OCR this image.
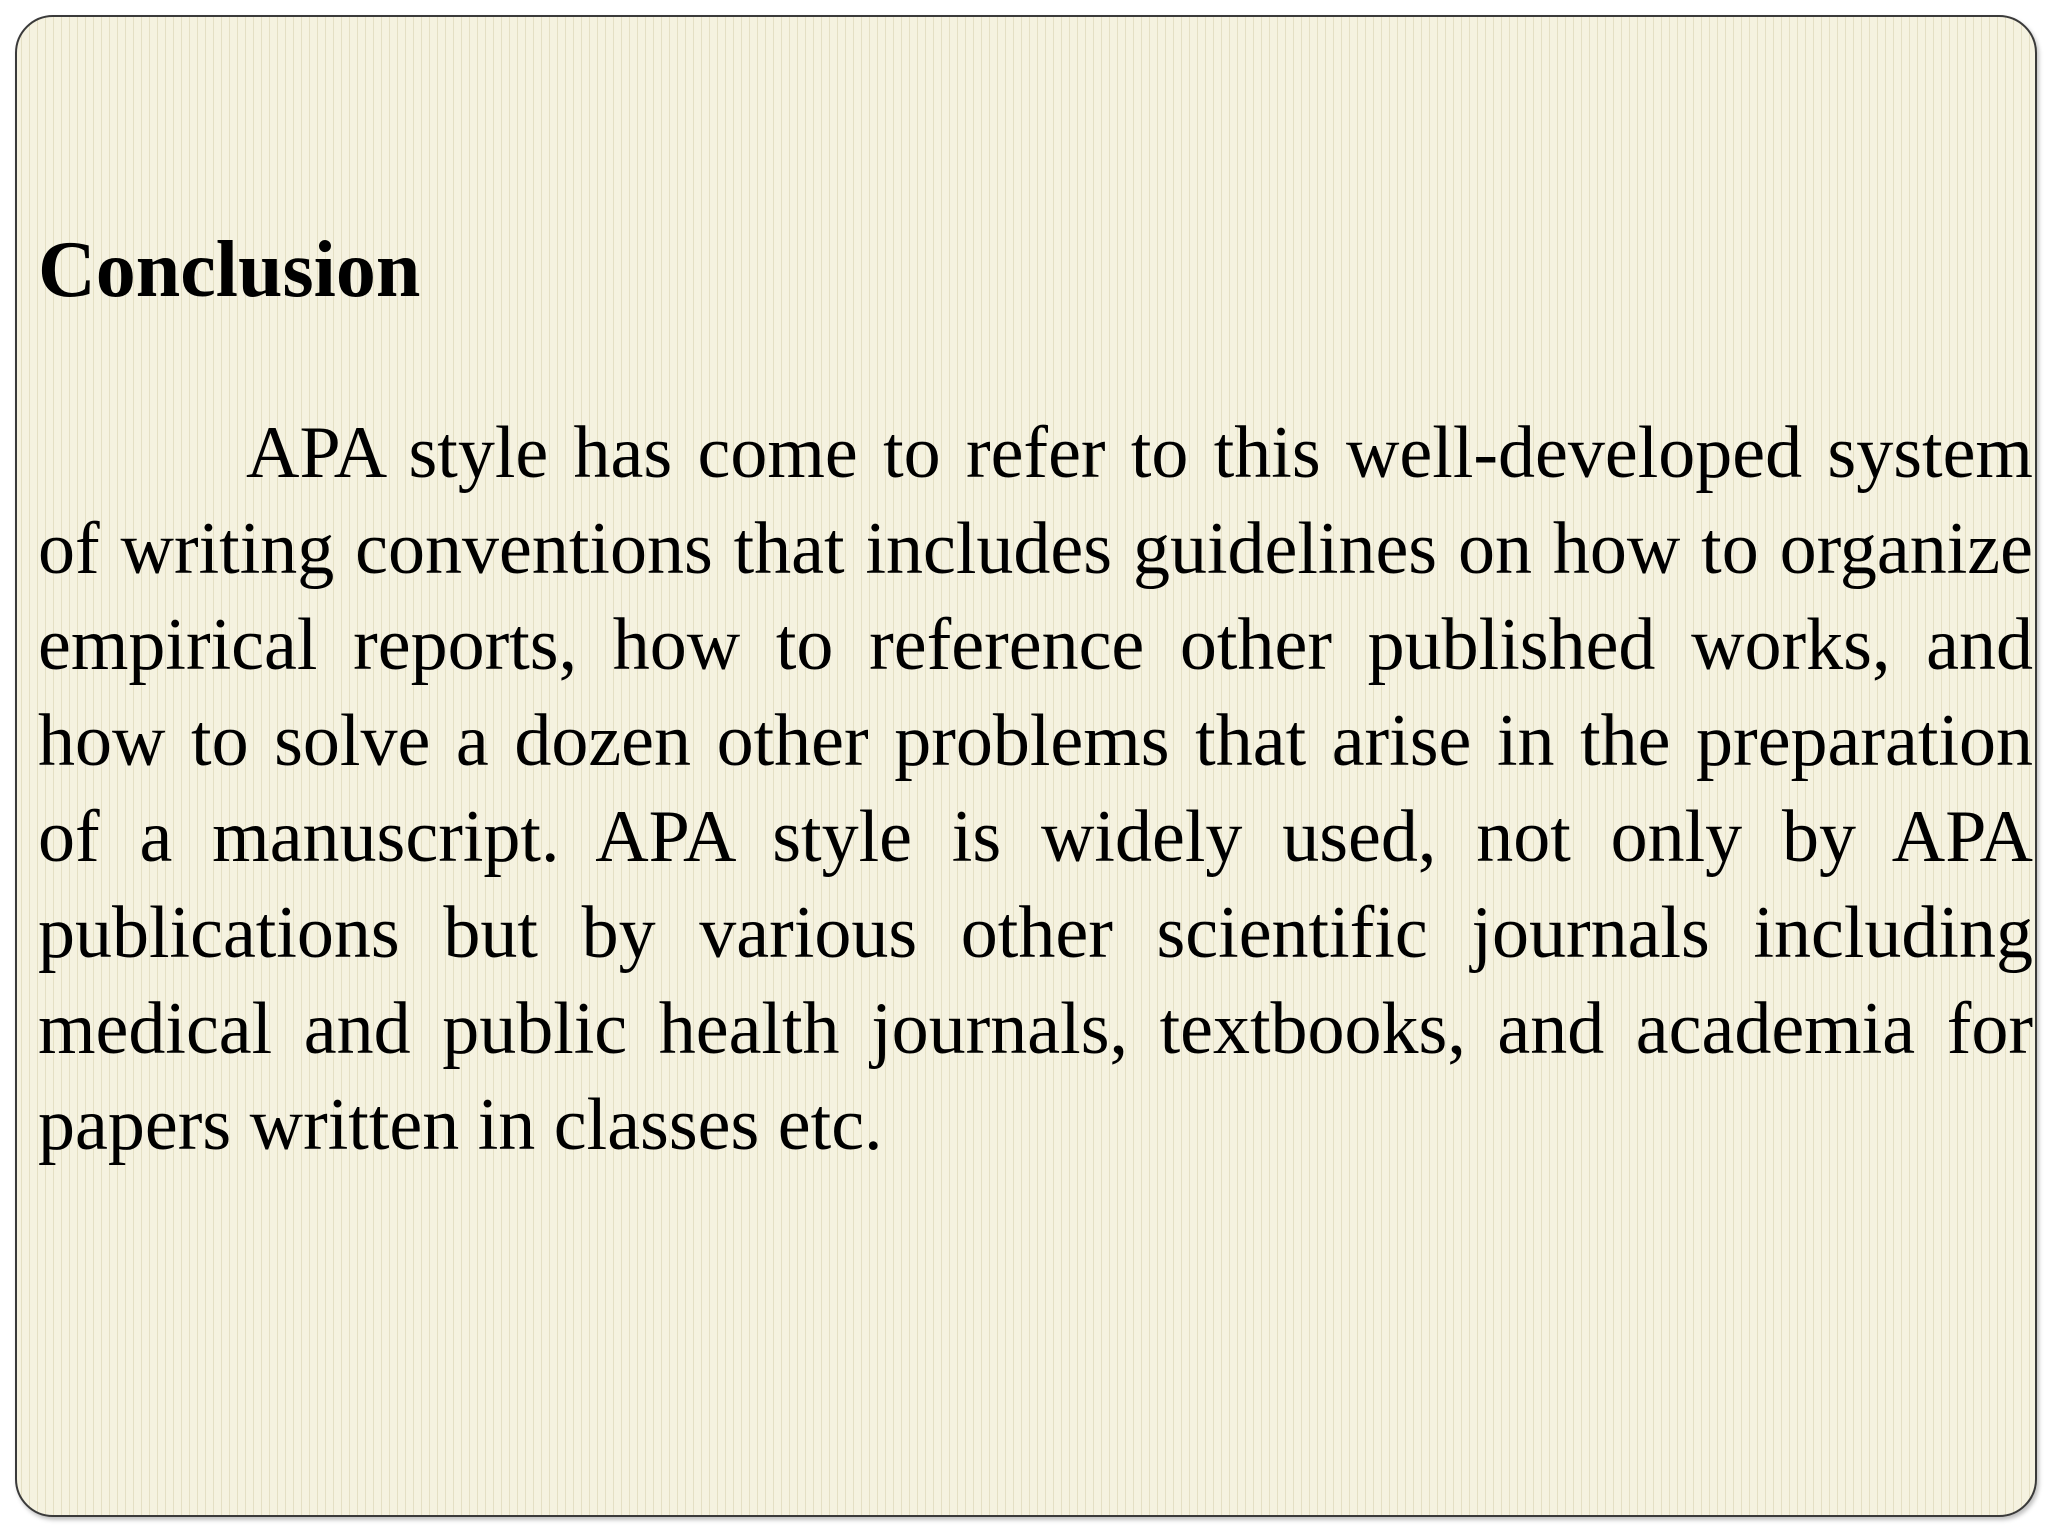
Conclusion

APA style has come to refer to this well-developed system of writing conventions that includes guidelines on how to organize empirical reports, how to reference other published works, and how to solve a dozen other problems that arise in the preparation of a manuscript. APA style is widely used, not only by APA publications but by various other scientific journals including medical and public health journals, textbooks, and academia for papers written in classes etc.
